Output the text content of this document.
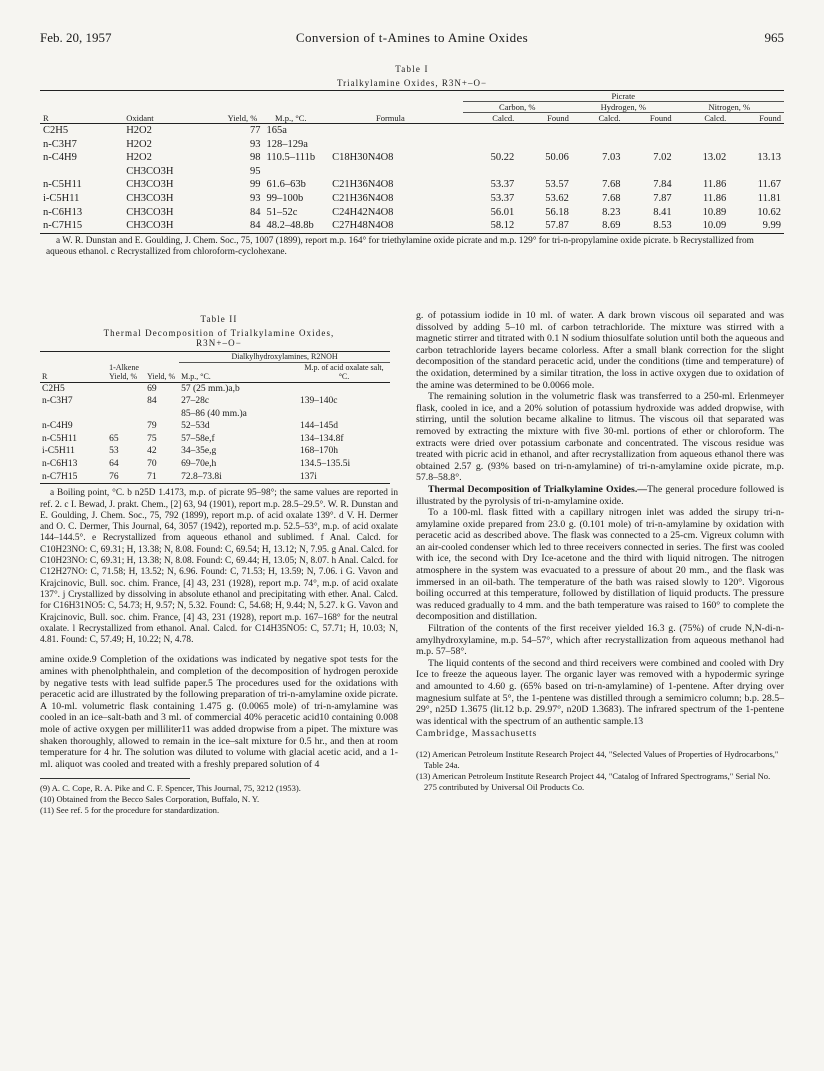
Feb. 20, 1957	Conversion of t-Amines to Amine Oxides	965
Table I
Trialkylamine Oxides, R3N+–O−
					Picrate					
					Carbon, %		Hydrogen, %		Nitrogen, %	
R	Oxidant	Yield, %	M.p., °C.	Formula	Calcd.	Found	Calcd.	Found	Calcd.	Found
C2H5	H2O2	77	165a							
n-C3H7	H2O2	93	128–129a							
n-C4H9	H2O2	98	110.5–111b	C18H30N4O8	50.22	50.06	7.03	7.02	13.02	13.13
	CH3CO3H	95								
n-C5H11	CH3CO3H	99	61.6–63b	C21H36N4O8	53.37	53.57	7.68	7.84	11.86	11.67
i-C5H11	CH3CO3H	93	99–100b	C21H36N4O8	53.37	53.62	7.68	7.87	11.86	11.81
n-C6H13	CH3CO3H	84	51–52c	C24H42N4O8	56.01	56.18	8.23	8.41	10.89	10.62
n-C7H15	CH3CO3H	84	48.2–48.8b	C27H48N4O8	58.12	57.87	8.69	8.53	10.09	9.99
a W. R. Dunstan and E. Goulding, J. Chem. Soc., 75, 1007 (1899), report m.p. 164° for triethylamine oxide picrate and m.p. 129° for tri-n-propylamine oxide picrate. b Recrystallized from aqueous ethanol. c Recrystallized from chloroform-cyclohexane.
Table II
Thermal Decomposition of Trialkylamine Oxides,
R3N+–O−
			Dialkylhydroxylamines, R2NOH	
R	1-Alkene Yield, %	Yield, %	M.p., °C.	M.p. of acid oxalate salt, °C.
C2H5		69	57 (25 mm.)a,b	
n-C3H7		84	27–28c	139–140c
			85–86 (40 mm.)a	
n-C4H9		79	52–53d	144–145d
n-C5H11	65	75	57–58e,f	134–134.8f
i-C5H11	53	42	34–35e,g	168–170h
n-C6H13	64	70	69–70e,h	134.5–135.5i
n-C7H15	76	71	72.8–73.8i	137i

a Boiling point, °C. b n25D 1.4173, m.p. of picrate 95–98°; the same values are reported in ref. 2. c I. Bewad, J. prakt. Chem., [2] 63, 94 (1901), report m.p. 28.5–29.5°. W. R. Dunstan and E. Goulding, J. Chem. Soc., 75, 792 (1899), report m.p. of acid oxalate 139°. d V. H. Dermer and O. C. Dermer, This Journal, 64, 3057 (1942), reported m.p. 52.5–53°, m.p. of acid oxalate 144–144.5°. e Recrystallized from aqueous ethanol and sublimed. f Anal. Calcd. for C10H23NO: C, 69.31; H, 13.38; N, 8.08. Found: C, 69.54; H, 13.12; N, 7.95. g Anal. Calcd. for C10H23NO: C, 69.31; H, 13.38; N, 8.08. Found: C, 69.44; H, 13.05; N, 8.07. h Anal. Calcd. for C12H27NO: C, 71.58; H, 13.52; N, 6.96. Found: C, 71.53; H, 13.59; N, 7.06. i G. Vavon and Krajcinovic, Bull. soc. chim. France, [4] 43, 231 (1928), report m.p. 74°, m.p. of acid oxalate 137°. j Crystallized by dissolving in absolute ethanol and precipitating with ether. Anal. Calcd. for C16H31NO5: C, 54.73; H, 9.57; N, 5.32. Found: C, 54.68; H, 9.44; N, 5.27. k G. Vavon and Krajcinovic, Bull. soc. chim. France, [4] 43, 231 (1928), report m.p. 167–168° for the neutral oxalate. l Recrystallized from ethanol. Anal. Calcd. for C14H35NO5: C, 57.71; H, 10.03; N, 4.81. Found: C, 57.49; H, 10.22; N, 4.78.

amine oxide.9 Completion of the oxidations was indicated by negative spot tests for the amines with phenolphthalein, and completion of the decomposition of hydrogen peroxide by negative tests with lead sulfide paper.5 The procedures used for the oxidations with peracetic acid are illustrated by the following preparation of tri-n-amylamine oxide picrate. A 10-ml. volumetric flask containing 1.475 g. (0.0065 mole) of tri-n-amylamine was cooled in an ice–salt-bath and 3 ml. of commercial 40% peracetic acid10 containing 0.008 mole of active oxygen per milliliter11 was added dropwise from a pipet. The mixture was shaken thoroughly, allowed to remain in the ice–salt mixture for 0.5 hr., and then at room temperature for 4 hr. The solution was diluted to volume with glacial acetic acid, and a 1-ml. aliquot was cooled and treated with a freshly prepared solution of 4

(9) A. C. Cope, R. A. Pike and C. F. Spencer, This Journal, 75, 3212 (1953).

(10) Obtained from the Becco Sales Corporation, Buffalo, N. Y.

(11) See ref. 5 for the procedure for standardization.

g. of potassium iodide in 10 ml. of water. A dark brown viscous oil separated and was dissolved by adding 5–10 ml. of carbon tetrachloride. The mixture was stirred with a magnetic stirrer and titrated with 0.1 N sodium thiosulfate solution until both the aqueous and carbon tetrachloride layers became colorless. After a small blank correction for the slight decomposition of the standard peracetic acid, under the conditions (time and temperature) of the oxidation, determined by a similar titration, the loss in active oxygen due to oxidation of the amine was determined to be 0.0066 mole.

The remaining solution in the volumetric flask was transferred to a 250-ml. Erlenmeyer flask, cooled in ice, and a 20% solution of potassium hydroxide was added dropwise, with stirring, until the solution became alkaline to litmus. The viscous oil that separated was removed by extracting the mixture with five 30-ml. portions of ether or chloroform. The extracts were dried over potassium carbonate and concentrated. The viscous residue was treated with picric acid in ethanol, and after recrystallization from aqueous ethanol there was obtained 2.57 g. (93% based on tri-n-amylamine) of tri-n-amylamine oxide picrate, m.p. 57.8–58.8°.

Thermal Decomposition of Trialkylamine Oxides.—The general procedure followed is illustrated by the pyrolysis of tri-n-amylamine oxide.

To a 100-ml. flask fitted with a capillary nitrogen inlet was added the sirupy tri-n-amylamine oxide prepared from 23.0 g. (0.101 mole) of tri-n-amylamine by oxidation with peracetic acid as described above. The flask was connected to a 25-cm. Vigreux column with an air-cooled condenser which led to three receivers connected in series. The first was cooled with ice, the second with Dry Ice-acetone and the third with liquid nitrogen. The nitrogen atmosphere in the system was evacuated to a pressure of about 20 mm., and the flask was immersed in an oil-bath. The temperature of the bath was raised slowly to 120°. Vigorous boiling occurred at this temperature, followed by distillation of liquid products. The pressure was reduced gradually to 4 mm. and the bath temperature was raised to 160° to complete the decomposition and distillation.

Filtration of the contents of the first receiver yielded 16.3 g. (75%) of crude N,N-di-n-amylhydroxylamine, m.p. 54–57°, which after recrystallization from aqueous methanol had m.p. 57–58°.

The liquid contents of the second and third receivers were combined and cooled with Dry Ice to freeze the aqueous layer. The organic layer was removed with a hypodermic syringe and amounted to 4.60 g. (65% based on tri-n-amylamine) of 1-pentene. After drying over magnesium sulfate at 5°, the 1-pentene was distilled through a semimicro column; b.p. 28.5–29°, n25D 1.3675 (lit.12 b.p. 29.97°, n20D 1.3683). The infrared spectrum of the 1-pentene was identical with the spectrum of an authentic sample.13

Cambridge, Massachusetts

(12) American Petroleum Institute Research Project 44, "Selected Values of Properties of Hydrocarbons," Table 24a.

(13) American Petroleum Institute Research Project 44, "Catalog of Infrared Spectrograms," Serial No. 275 contributed by Universal Oil Products Co.
